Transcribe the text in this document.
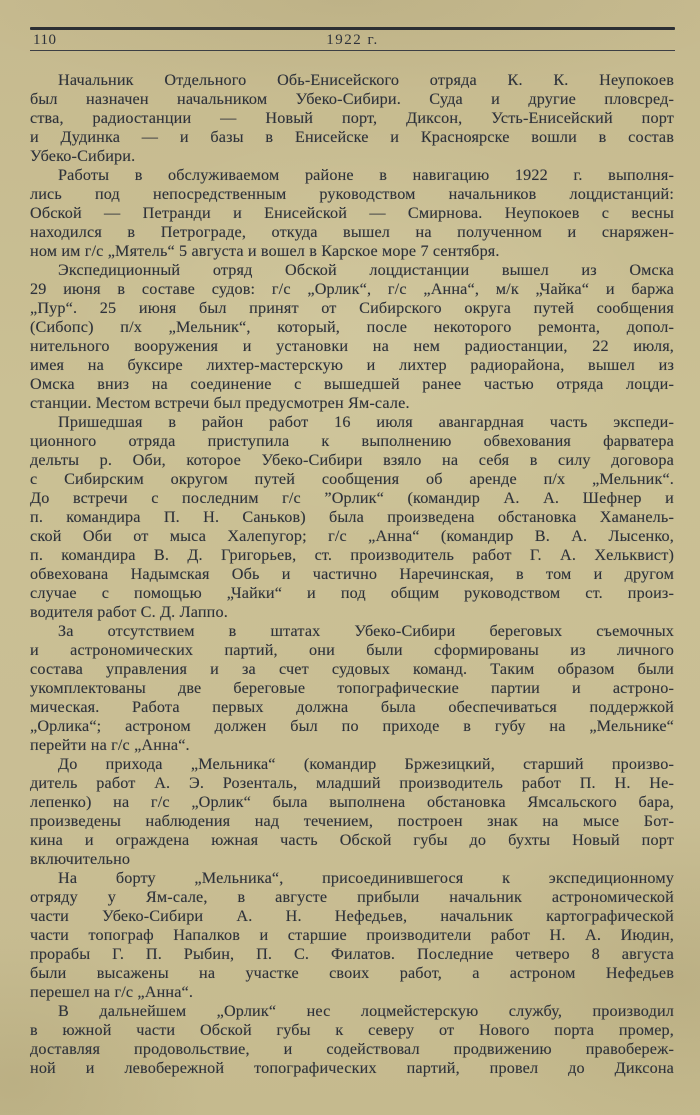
110	1922 г.
Начальник Отдельного Обь-Енисейского отряда К. К. Неупокоев
был назначен начальником Убеко-Сибири. Суда и другие пловсред-
ства, радиостанции — Новый порт, Диксон, Усть-Енисейский порт
и Дудинка — и базы в Енисейске и Красноярске вошли в состав
Убеко-Сибири.
Работы в обслуживаемом районе в навигацию 1922 г. выполня-
лись под непосредственным руководством начальников лоцдистанций:
Обской — Петранди и Енисейской — Смирнова. Неупокоев с весны
находился в Петрограде, откуда вышел на полученном и снаряжен-
ном им г/с „Мятель“ 5 августа и вошел в Карское море 7 сентября.
Экспедиционный отряд Обской лоцдистанции вышел из Омска
29 июня в составе судов: г/с „Орлик“, г/с „Анна“, м/к „Чайка“ и баржа
„Пур“. 25 июня был принят от Сибирского округа путей сообщения
(Сибопс) п/х „Мельник“, который, после некоторого ремонта, допол-
нительного вооружения и установки на нем радиостанции, 22 июля,
имея на буксире лихтер-мастерскую и лихтер радиорайона, вышел из
Омска вниз на соединение с вышедшей ранее частью отряда лоцди-
станции. Местом встречи был предусмотрен Ям-сале.
Пришедшая в район работ 16 июля авангардная часть экспеди-
ционного отряда приступила к выполнению обвехования фарватера
дельты р. Оби, которое Убеко-Сибири взяло на себя в силу договора
с Сибирским округом путей сообщения об аренде п/х „Мельник“.
До встречи с последним г/с ”Орлик“ (командир А. А. Шефнер и
п. командира П. Н. Саньков) была произведена обстановка Хаманель-
ской Оби от мыса Халепугор; г/с „Анна“ (командир В. А. Лысенко,
п. командира В. Д. Григорьев, ст. производитель работ Г. А. Хельквист)
обвехована Надымская Обь и частично Наречинская, в том и другом
случае с помощью „Чайки“ и под общим руководством ст. произ-
водителя работ С. Д. Лаппо.
За отсутствием в штатах Убеко-Сибири береговых съемочных
и астрономических партий, они были сформированы из личного
состава управления и за счет судовых команд. Таким образом были
укомплектованы две береговые топографические партии и астроно-
мическая. Работа первых должна была обеспечиваться поддержкой
„Орлика“; астроном должен был по приходе в губу на „Мельнике“
перейти на г/с „Анна“.
До прихода „Мельника“ (командир Бржезицкий, старший произво-
дитель работ А. Э. Розенталь, младший производитель работ П. Н. Не-
лепенко) на г/с „Орлик“ была выполнена обстановка Ямсальского бара,
произведены наблюдения над течением, построен знак на мысе Бот-
кина и ограждена южная часть Обской губы до бухты Новый порт
включительно
На борту „Мельника“, присоединившегося к экспедиционному
отряду у Ям-сале, в августе прибыли начальник астрономической
части Убеко-Сибири А. Н. Нефедьев, начальник картографической
части топограф Напалков и старшие производители работ Н. А. Июдин,
прорабы Г. П. Рыбин, П. С. Филатов. Последние четверо 8 августа
были высажены на участке своих работ, а астроном Нефедьев
перешел на г/с „Анна“.
В дальнейшем „Орлик“ нес лоцмейстерскую службу, производил
в южной части Обской губы к северу от Нового порта промер,
доставляя продовольствие, и содействовал продвижению правобереж-
ной и левобережной топографических партий, провел до Диксона
